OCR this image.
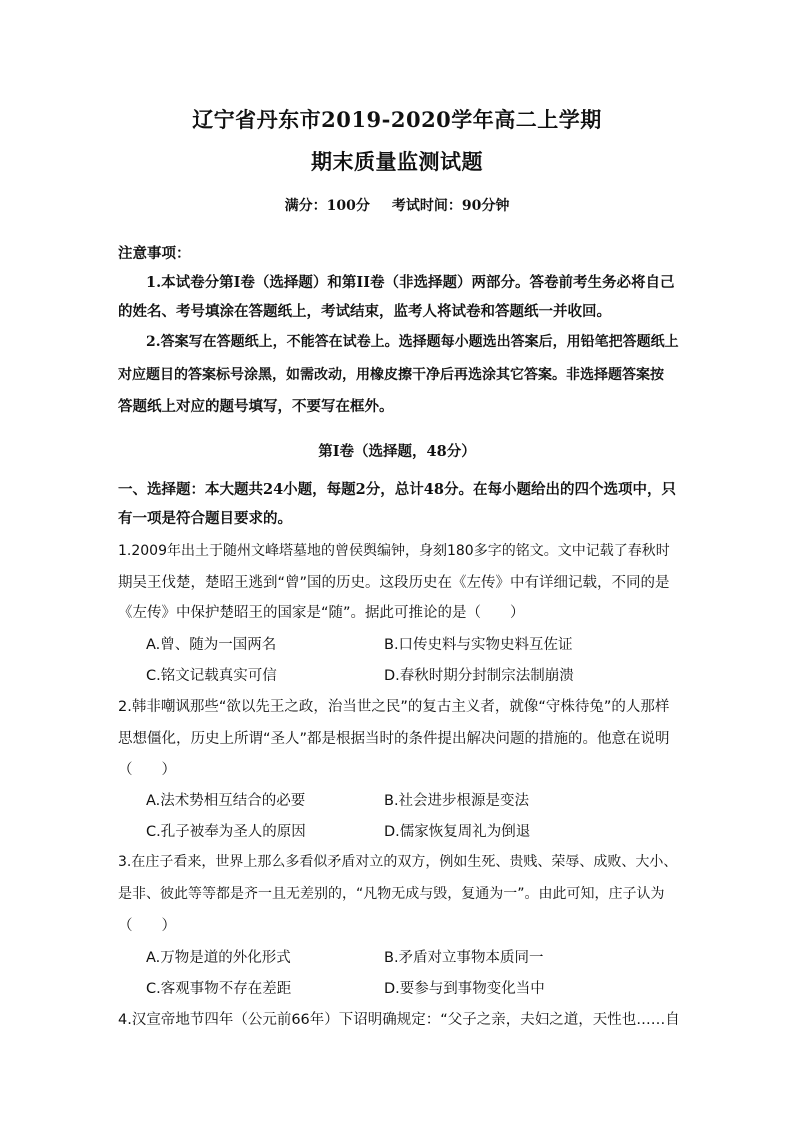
辽宁省丹东市2019-2020学年高二上学期
期末质量监测试题
满分：100分 考试时间：90分钟
注意事项：
1.本试卷分第I卷（选择题）和第II卷（非选择题）两部分。答卷前考生务必将自己
的姓名、考号填涂在答题纸上，考试结束，监考人将试卷和答题纸一并收回。
2.答案写在答题纸上，不能答在试卷上。选择题每小题选出答案后，用铅笔把答题纸上
对应题目的答案标号涂黑，如需改动，用橡皮擦干净后再选涂其它答案。非选择题答案按
答题纸上对应的题号填写，不要写在框外。
第I卷（选择题，48分）
一、选择题：本大题共24小题，每题2分，总计48分。在每小题给出的四个选项中，只
有一项是符合题目要求的。
1.2009年出土于随州文峰塔墓地的曾侯舆编钟，身刻180多字的铭文。文中记载了春秋时
期吴王伐楚，楚昭王逃到“曾”国的历史。这段历史在《左传》中有详细记载，不同的是
《左传》中保护楚昭王的国家是“随”。据此可推论的是（　　）
A.曾、随为一国两名	B.口传史料与实物史料互佐证
C.铭文记载真实可信	D.春秋时期分封制宗法制崩溃
2.韩非嘲讽那些“欲以先王之政，治当世之民”的复古主义者，就像“守株待兔”的人那样
思想僵化，历史上所谓“圣人”都是根据当时的条件提出解决问题的措施的。他意在说明
（　　）
A.法术势相互结合的必要	B.社会进步根源是变法
C.孔子被奉为圣人的原因	D.儒家恢复周礼为倒退
3.在庄子看来，世界上那么多看似矛盾对立的双方，例如生死、贵贱、荣辱、成败、大小、
是非、彼此等等都是齐一且无差别的，“凡物无成与毁，复通为一”。由此可知，庄子认为
（　　）
A.万物是道的外化形式	B.矛盾对立事物本质同一
C.客观事物不存在差距	D.要参与到事物变化当中
4.汉宣帝地节四年（公元前66年）下诏明确规定：“父子之亲，夫妇之道，天性也……自
